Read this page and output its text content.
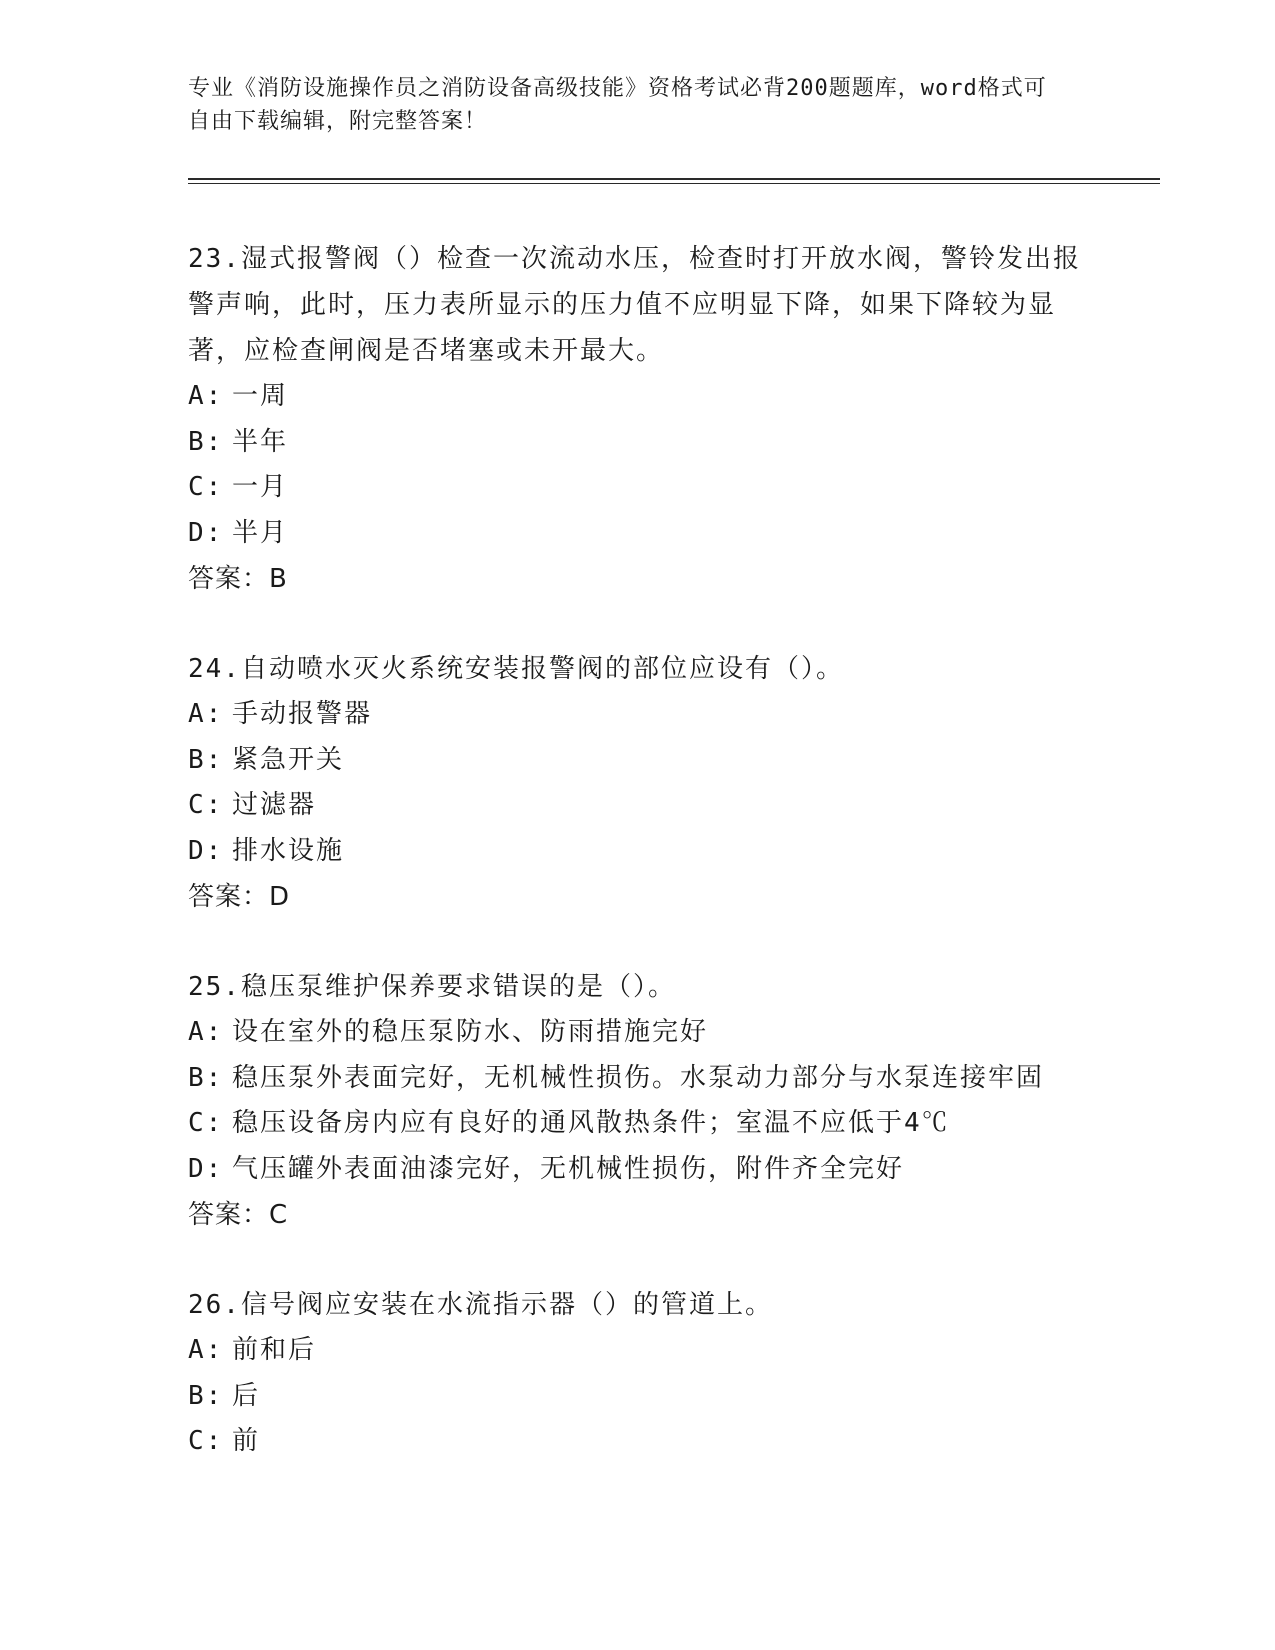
专业《消防设施操作员之消防设备高级技能》资格考试必背200题题库，word格式可自由下载编辑，附完整答案！

23.湿式报警阀（）检查一次流动水压，检查时打开放水阀，警铃发出报警声响，此时，压力表所显示的压力值不应明显下降，如果下降较为显著，应检查闸阀是否堵塞或未开最大。

A: 一周

B: 半年

C: 一月

D: 半月

答案：B

24.自动喷水灭火系统安装报警阀的部位应设有（）。

A: 手动报警器

B: 紧急开关

C: 过滤器

D: 排水设施

答案：D

25.稳压泵维护保养要求错误的是（）。

A: 设在室外的稳压泵防水、防雨措施完好

B: 稳压泵外表面完好，无机械性损伤。水泵动力部分与水泵连接牢固

C: 稳压设备房内应有良好的通风散热条件；室温不应低于4℃

D: 气压罐外表面油漆完好，无机械性损伤，附件齐全完好

答案：C

26.信号阀应安装在水流指示器（）的管道上。

A: 前和后

B: 后

C: 前
